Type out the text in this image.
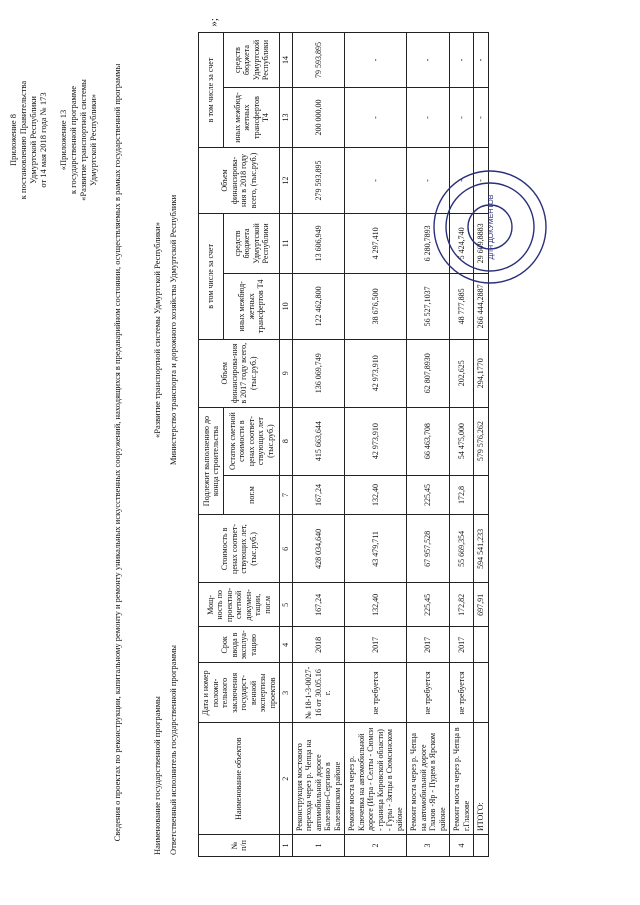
Приложение 8 к постановлению Правительства Удмуртской Республики от 14 мая 2018 года № 173
«Приложение 13 к государственной программе «Развитие транспортной системы Удмуртской Республики» Сведения о проектах по реконструкции, капитальному ремонту и ремонту уникальных искусственных сооружений, находящихся в предаварийном состоянии, осуществляемых в рамках государственной программы	Наименование государственной программы
«Развитие транспортной системы Удмуртской Республики»
Ответственный исполнитель государственной программы
Министерство транспорта и дорожного хозяйства Удмуртской Республики
№ п/п	Наименование объектов	Дата и номер положи-тельного заключения государст-венной экспертизы проектов	Срок ввода в эксплуа-тацию	Мощ-ность по проектно-сметной докумен-тации, пог.м	Стоимость в ценах соответ-ствующих лет, (тыс.руб.)	Подлежит выполнению до конца строительства		Объем финансирова-ния в 2017 году всего, (тыс.руб.)	в том числе за счет		Объем финансирова-ния в 2018 году всего, (тыс.руб.)	в том числе за счет	
						пог.м	Остаток сметной стоимости в ценах соответ-ствующих лет (тыс.руб.)		иных межбюд-жетных трансфертов Т4	средств бюджета Удмуртской Республики		иных межбюд-жетных трансфертов Т4	средств бюджета Удмуртской Республики
1	2	3	4	5	6	7	8	9	10	11	12	13	14
1	Реконструкция мостового перехода через р. Чепца на автомобильной дороге Балезино-Сергино в Балезинском районе	№ 18-1-3-0027-16 от 30.05.16 г.	2018	167,24	428 034,640	167,24	415 663,644	136 069,749	122 462,800	13 606,949	279 593,895	200 000,00	79 593,895
2	Ремонт моста через р. Ключевка на автомобильной дороге (Игра - Селты - Сюмси - граница Кировской области) - Гуры - Зятцы в Сюмсинском районе	не требуется	2017	132,40	43 479,711	132,40	42 973,910	42 973,910	38 676,500	4 297,410	-	-	-
3	Ремонт моста через р. Чепца на автомобильной дороге Глазов -Яр - Пудем в Ярском районе	не требуется	2017	225,45	67 957,528	225,45	66 463,708	62 807,8930	56 527,1037	6 280,7893	-	-	-
4	Ремонт моста через р. Чепца в г.Глазове	не требуется	2017	172,82	55 669,354	172,8	54 475,000	202,625	48 777,885	5 424,740	-	-	-
	ИТОГО:			697,91	594 541,233		579 576,262	294,1770	266 444,2887	29 609,8883	-	-	-
»;
ДЛЯ ДОКУМЕНТОВ
